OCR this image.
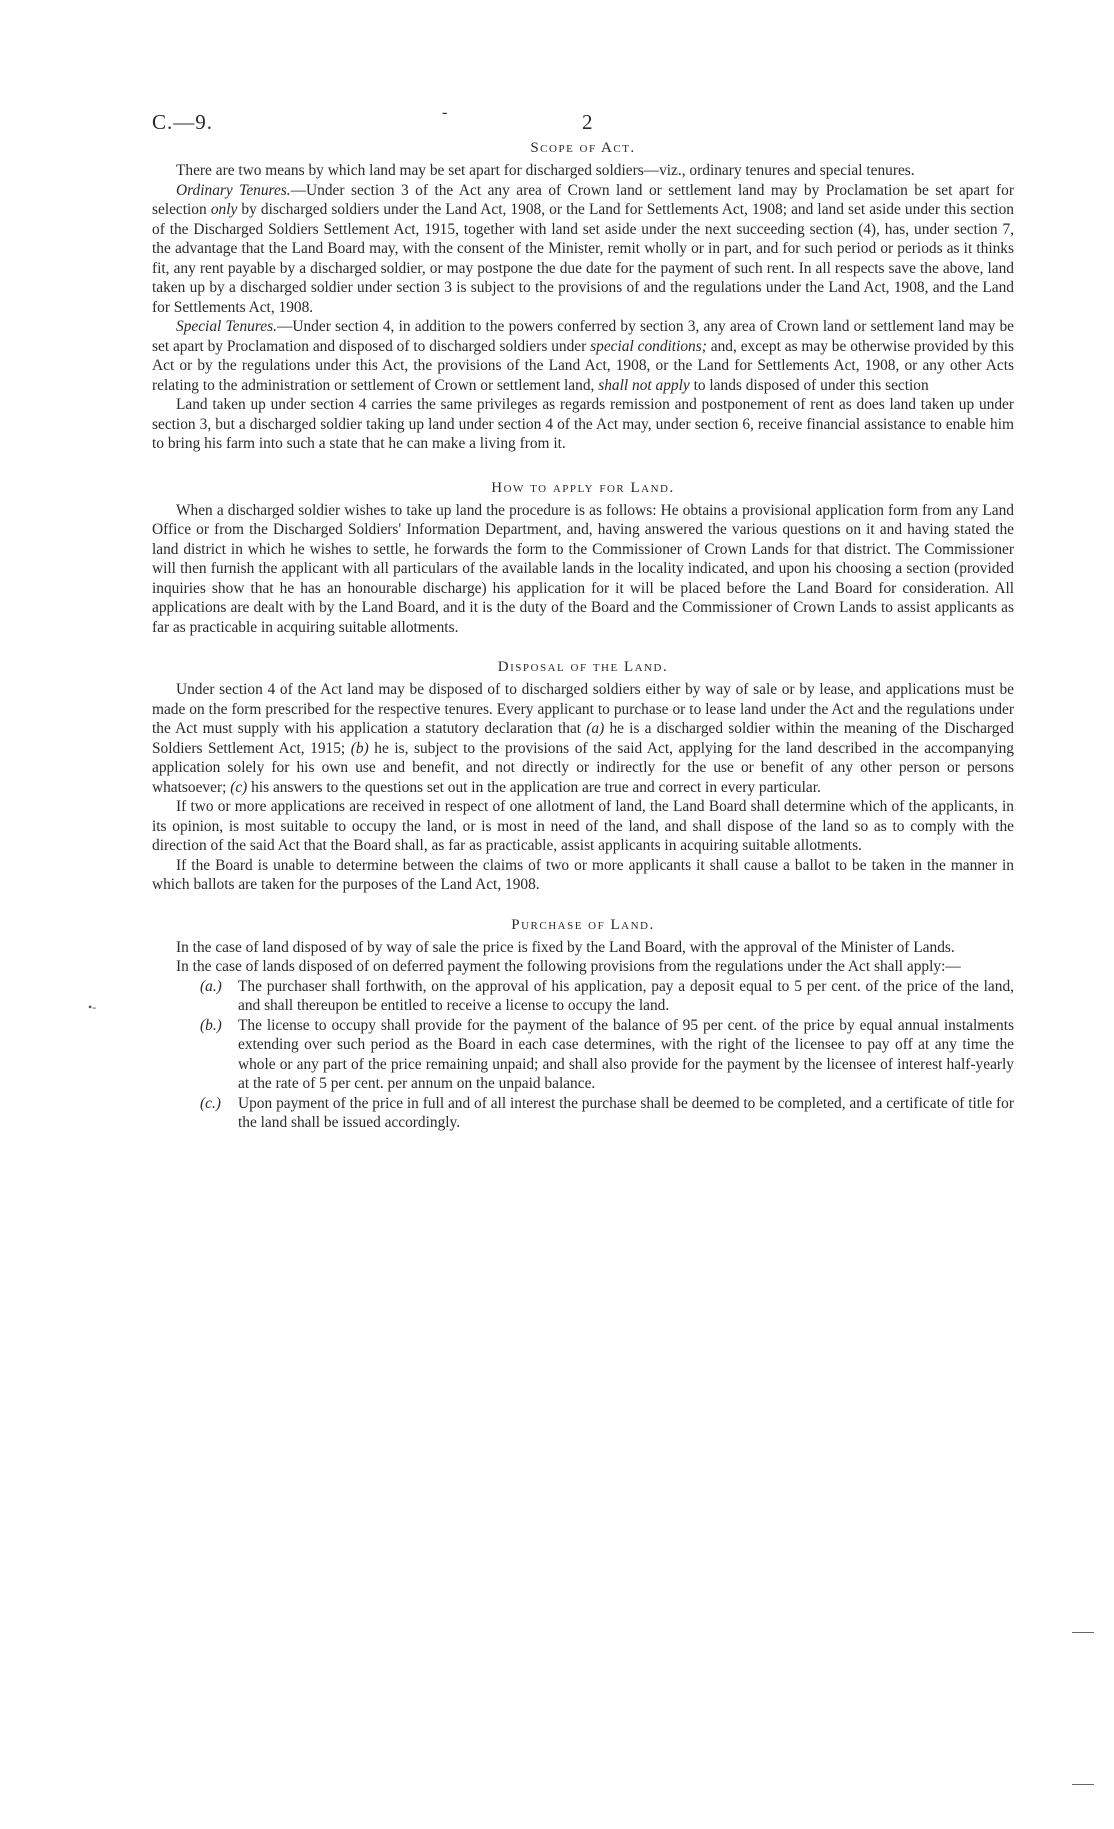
C.—9.	-	2
Scope of Act.

There are two means by which land may be set apart for discharged soldiers—viz., ordinary tenures and special tenures.

Ordinary Tenures.—Under section 3 of the Act any area of Crown land or settlement land may by Proclamation be set apart for selection only by discharged soldiers under the Land Act, 1908, or the Land for Settlements Act, 1908; and land set aside under this section of the Discharged Soldiers Settlement Act, 1915, together with land set aside under the next succeeding section (4), has, under section 7, the advantage that the Land Board may, with the consent of the Minister, remit wholly or in part, and for such period or periods as it thinks fit, any rent payable by a discharged soldier, or may postpone the due date for the payment of such rent. In all respects save the above, land taken up by a discharged soldier under section 3 is subject to the provisions of and the regulations under the Land Act, 1908, and the Land for Settlements Act, 1908.

Special Tenures.—Under section 4, in addition to the powers conferred by section 3, any area of Crown land or settlement land may be set apart by Proclamation and disposed of to discharged soldiers under special conditions; and, except as may be otherwise provided by this Act or by the regulations under this Act, the provisions of the Land Act, 1908, or the Land for Settlements Act, 1908, or any other Acts relating to the administration or settlement of Crown or settlement land, shall not apply to lands disposed of under this section

Land taken up under section 4 carries the same privileges as regards remission and postponement of rent as does land taken up under section 3, but a discharged soldier taking up land under section 4 of the Act may, under section 6, receive financial assistance to enable him to bring his farm into such a state that he can make a living from it.

How to apply for Land.

When a discharged soldier wishes to take up land the procedure is as follows: He obtains a provisional application form from any Land Office or from the Discharged Soldiers' Information Department, and, having answered the various questions on it and having stated the land district in which he wishes to settle, he forwards the form to the Commissioner of Crown Lands for that district. The Commissioner will then furnish the applicant with all particulars of the available lands in the locality indicated, and upon his choosing a section (provided inquiries show that he has an honourable discharge) his application for it will be placed before the Land Board for consideration. All applications are dealt with by the Land Board, and it is the duty of the Board and the Commissioner of Crown Lands to assist applicants as far as practicable in acquiring suitable allotments.

Disposal of the Land.

Under section 4 of the Act land may be disposed of to discharged soldiers either by way of sale or by lease, and applications must be made on the form prescribed for the respective tenures. Every applicant to purchase or to lease land under the Act and the regulations under the Act must supply with his application a statutory declaration that (a) he is a discharged soldier within the meaning of the Discharged Soldiers Settlement Act, 1915; (b) he is, subject to the provisions of the said Act, applying for the land described in the accompanying application solely for his own use and benefit, and not directly or indirectly for the use or benefit of any other person or persons whatsoever; (c) his answers to the questions set out in the application are true and correct in every particular.

If two or more applications are received in respect of one allotment of land, the Land Board shall determine which of the applicants, in its opinion, is most suitable to occupy the land, or is most in need of the land, and shall dispose of the land so as to comply with the direction of the said Act that the Board shall, as far as practicable, assist applicants in acquiring suitable allotments.

If the Board is unable to determine between the claims of two or more applicants it shall cause a ballot to be taken in the manner in which ballots are taken for the purposes of the Land Act, 1908.

Purchase of Land.

In the case of land disposed of by way of sale the price is fixed by the Land Board, with the approval of the Minister of Lands.

In the case of lands disposed of on deferred payment the following provisions from the regulations under the Act shall apply:—

(a.) The purchaser shall forthwith, on the approval of his application, pay a deposit equal to 5 per cent. of the price of the land, and shall thereupon be entitled to receive a license to occupy the land.
(b.) The license to occupy shall provide for the payment of the balance of 95 per cent. of the price by equal annual instalments extending over such period as the Board in each case determines, with the right of the licensee to pay off at any time the whole or any part of the price remaining unpaid; and shall also provide for the payment by the licensee of interest half-yearly at the rate of 5 per cent. per annum on the unpaid balance.
(c.) Upon payment of the price in full and of all interest the purchase shall be deemed to be completed, and a certificate of title for the land shall be issued accordingly.
•-
